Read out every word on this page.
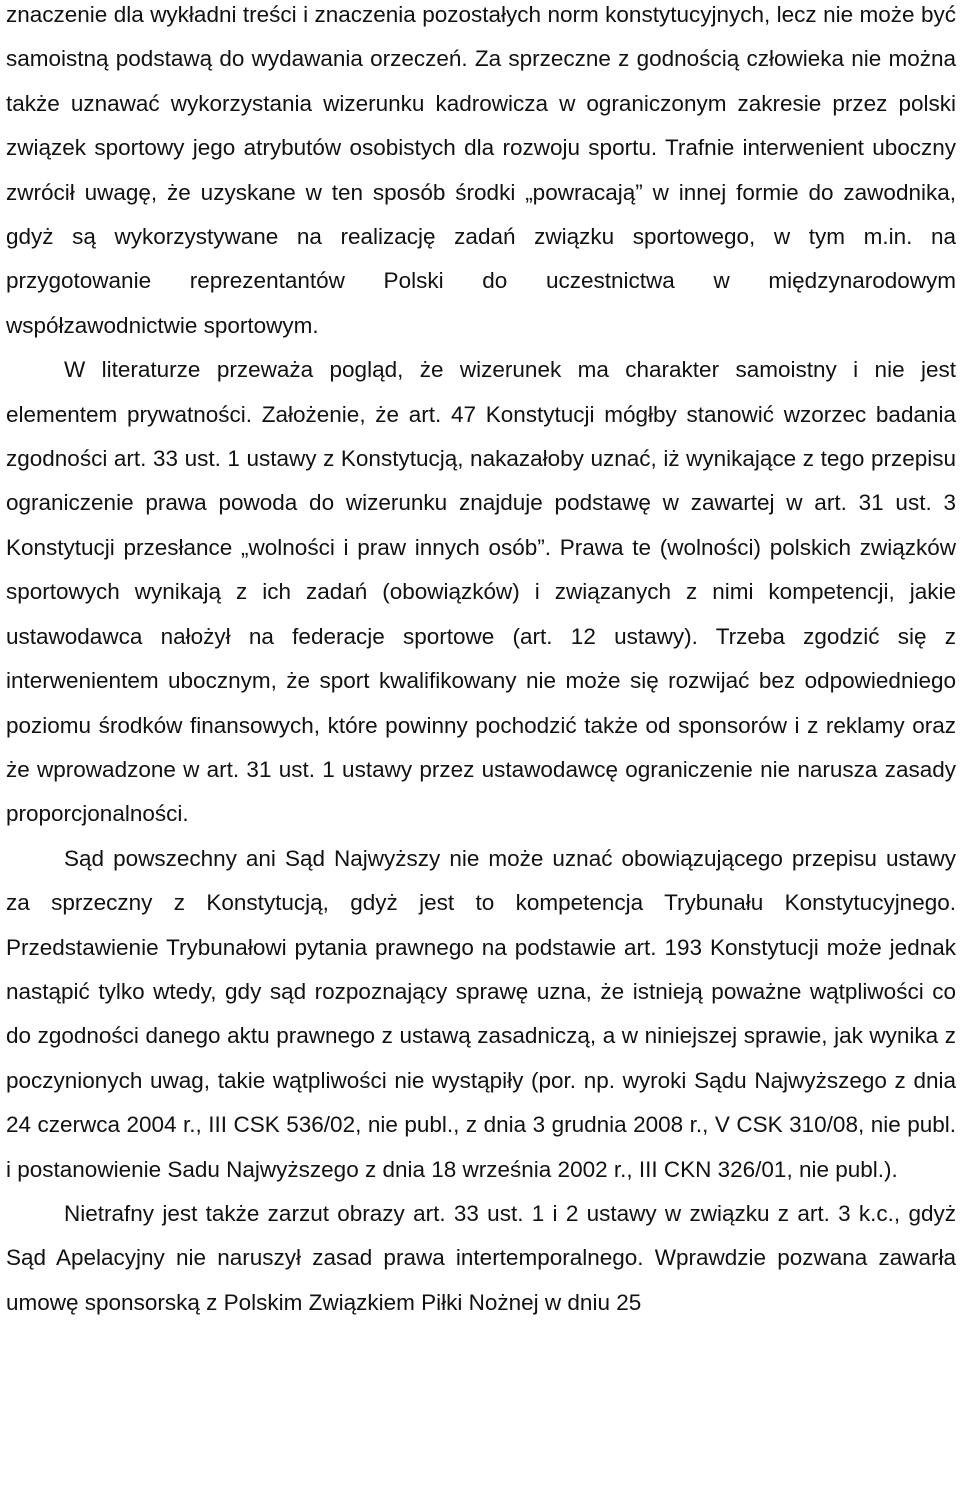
znaczenie dla wykładni treści i znaczenia pozostałych norm konstytucyjnych, lecz nie może być samoistną podstawą do wydawania orzeczeń. Za sprzeczne z godnością człowieka nie można także uznawać wykorzystania wizerunku kadrowicza w ograniczonym zakresie przez polski związek sportowy jego atrybutów osobistych dla rozwoju sportu. Trafnie interwenient uboczny zwrócił uwagę, że uzyskane w ten sposób środki „powracają” w innej formie do zawodnika, gdyż są wykorzystywane na realizację zadań związku sportowego, w tym m.in. na przygotowanie reprezentantów Polski do uczestnictwa w międzynarodowym współzawodnictwie sportowym.

W literaturze przeważa pogląd, że wizerunek ma charakter samoistny i nie jest elementem prywatności. Założenie, że art. 47 Konstytucji mógłby stanowić wzorzec badania zgodności art. 33 ust. 1 ustawy z Konstytucją, nakazałoby uznać, iż wynikające z tego przepisu ograniczenie prawa powoda do wizerunku znajduje podstawę w zawartej w art. 31 ust. 3 Konstytucji przesłance „wolności i praw innych osób”. Prawa te (wolności) polskich związków sportowych wynikają z ich zadań (obowiązków) i związanych z nimi kompetencji, jakie ustawodawca nałożył na federacje sportowe (art. 12 ustawy). Trzeba zgodzić się z interwenientem ubocznym, że sport kwalifikowany nie może się rozwijać bez odpowiedniego poziomu środków finansowych, które powinny pochodzić także od sponsorów i z reklamy oraz że wprowadzone w art. 31 ust. 1 ustawy przez ustawodawcę ograniczenie nie narusza zasady proporcjonalności.

Sąd powszechny ani Sąd Najwyższy nie może uznać obowiązującego przepisu ustawy za sprzeczny z Konstytucją, gdyż jest to kompetencja Trybunału Konstytucyjnego. Przedstawienie Trybunałowi pytania prawnego na podstawie art. 193 Konstytucji może jednak nastąpić tylko wtedy, gdy sąd rozpoznający sprawę uzna, że istnieją poważne wątpliwości co do zgodności danego aktu prawnego z ustawą zasadniczą, a w niniejszej sprawie, jak wynika z poczynionych uwag, takie wątpliwości nie wystąpiły (por. np. wyroki Sądu Najwyższego z dnia 24 czerwca 2004 r., III CSK 536/02, nie publ., z dnia 3 grudnia 2008 r., V CSK 310/08, nie publ. i postanowienie Sadu Najwyższego z dnia 18 września 2002 r., III CKN 326/01, nie publ.).

Nietrafny jest także zarzut obrazy art. 33 ust. 1 i 2 ustawy w związku z art. 3 k.c., gdyż Sąd Apelacyjny nie naruszył zasad prawa intertemporalnego. Wprawdzie pozwana zawarła umowę sponsorską z Polskim Związkiem Piłki Nożnej w dniu 25
